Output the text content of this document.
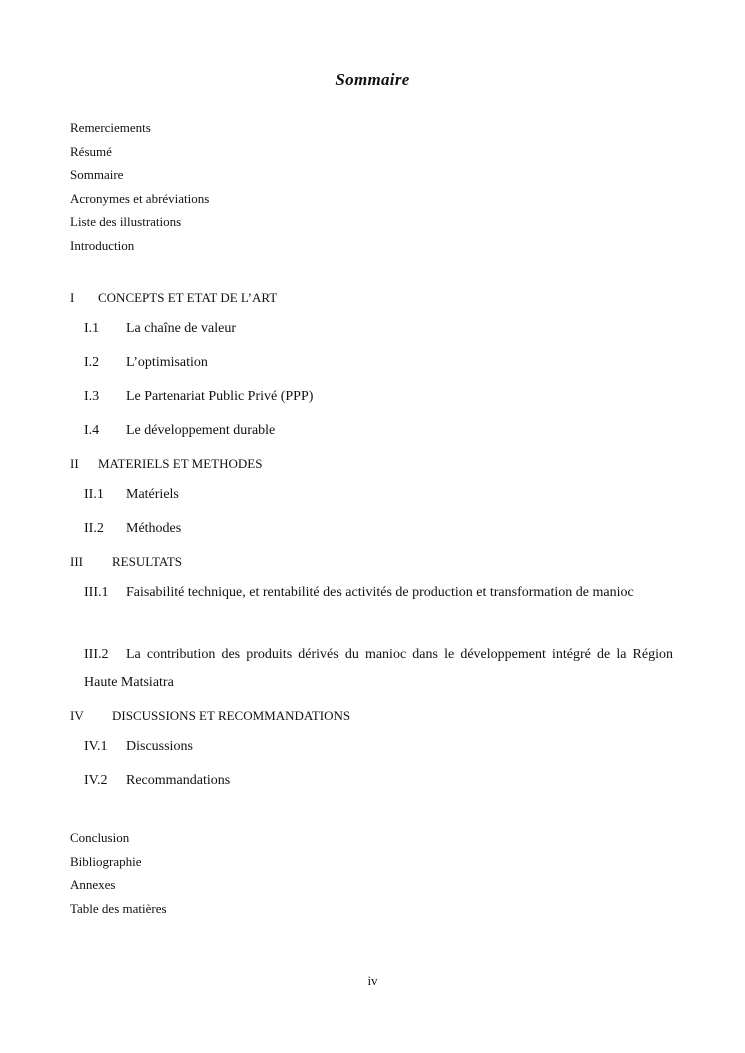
Sommaire
Remerciements
Résumé
Sommaire
Acronymes et abréviations
Liste des illustrations
Introduction
I CONCEPTS ET ETAT DE L’ART
I.1 La chaîne de valeur
I.2 L’optimisation
I.3 Le Partenariat Public Privé (PPP)
I.4 Le développement durable
II MATERIELS ET METHODES
II.1 Matériels
II.2 Méthodes
III RESULTATS
III.1 Faisabilité technique, et rentabilité des activités de production et transformation de manioc
III.2 La contribution des produits dérivés du manioc dans le développement intégré de la Région Haute Matsiatra
IV DISCUSSIONS ET RECOMMANDATIONS
IV.1 Discussions
IV.2 Recommandations
Conclusion
Bibliographie
Annexes
Table des matières
iv
